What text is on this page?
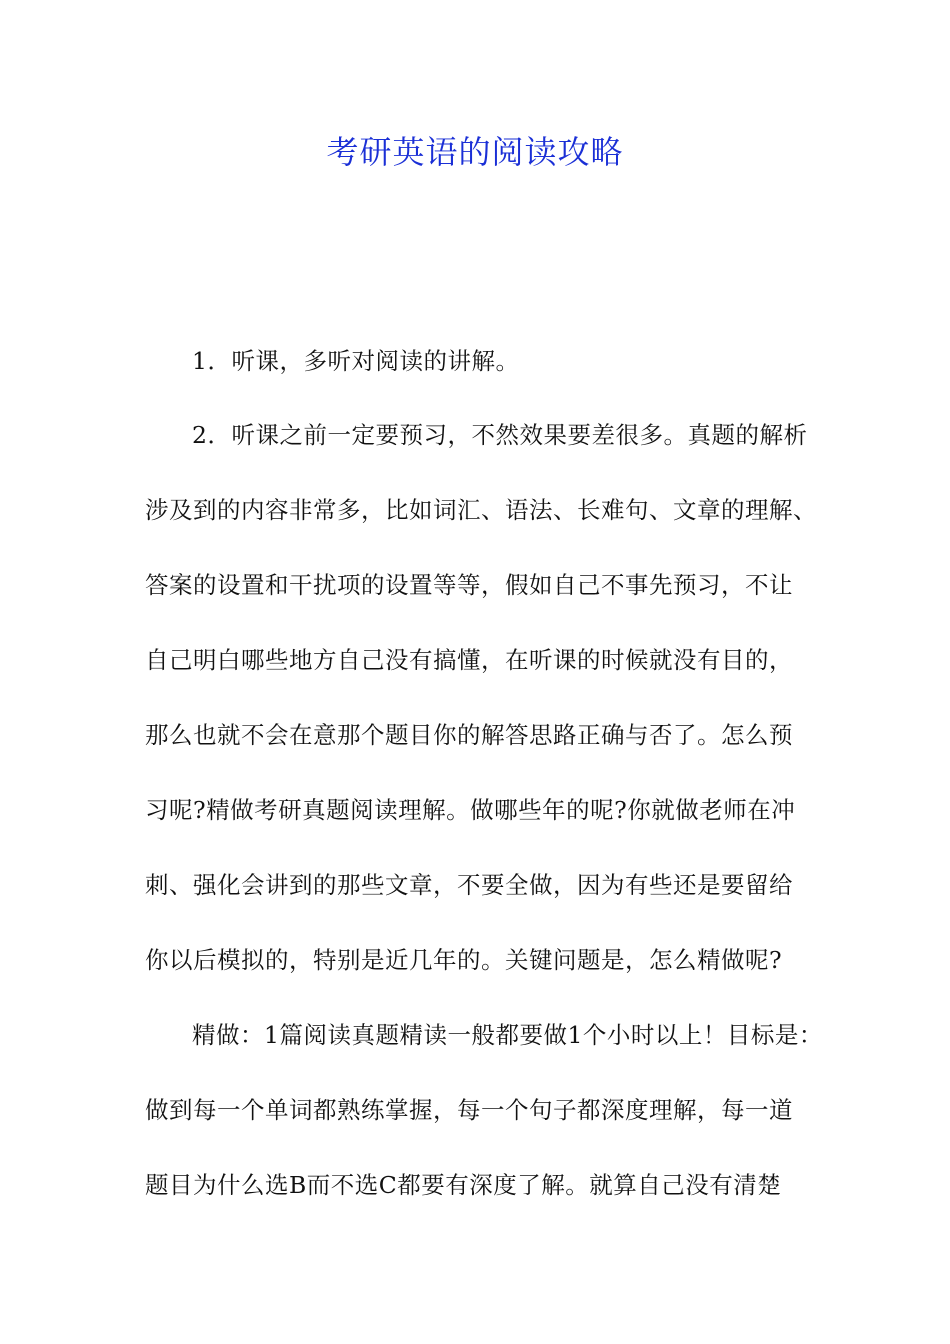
考研英语的阅读攻略
1．听课，多听对阅读的讲解。
2．听课之前一定要预习，不然效果要差很多。真题的解析
涉及到的内容非常多，比如词汇、语法、长难句、文章的理解、
答案的设置和干扰项的设置等等，假如自己不事先预习，不让
自己明白哪些地方自己没有搞懂，在听课的时候就没有目的，
那么也就不会在意那个题目你的解答思路正确与否了。怎么预
习呢?精做考研真题阅读理解。做哪些年的呢?你就做老师在冲
刺、强化会讲到的那些文章，不要全做，因为有些还是要留给
你以后模拟的，特别是近几年的。关键问题是，怎么精做呢?
精做：1篇阅读真题精读一般都要做1个小时以上！目标是：
做到每一个单词都熟练掌握，每一个句子都深度理解，每一道
题目为什么选B而不选C都要有深度了解。就算自己没有清楚
